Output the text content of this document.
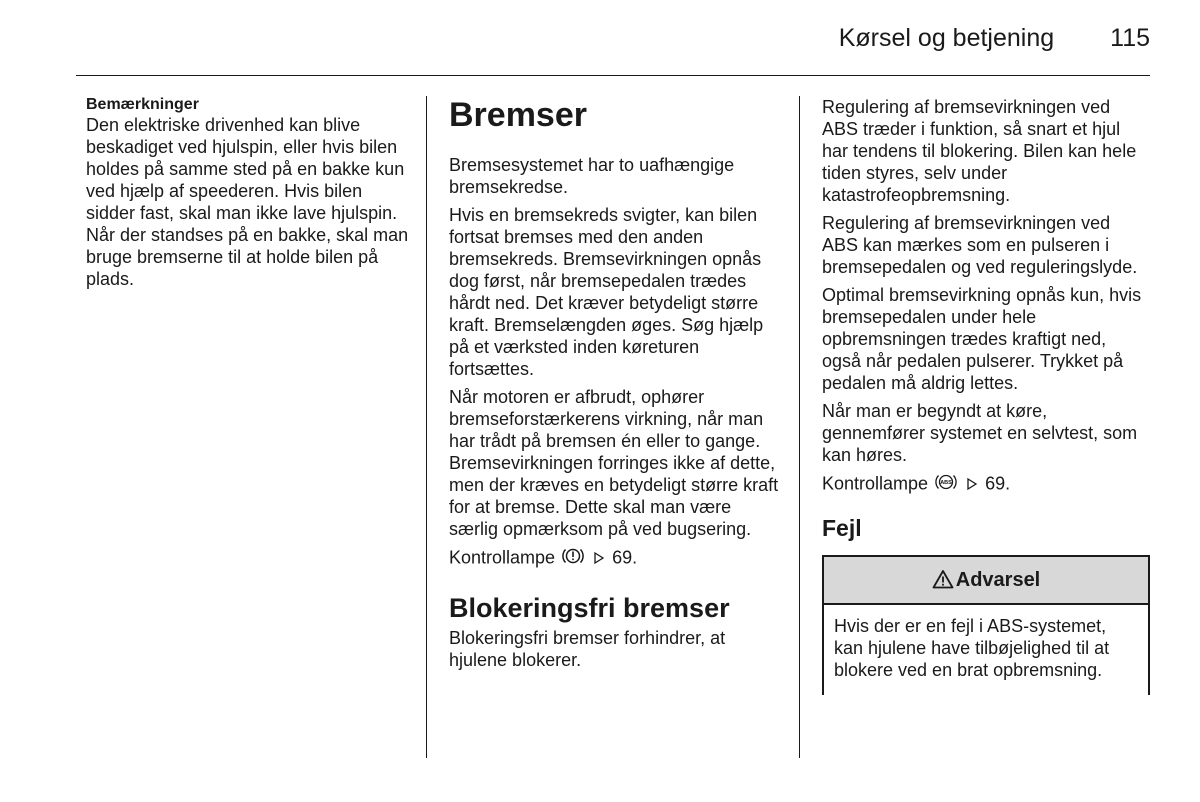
Kørsel og betjening 115
Bemærkninger

Den elektriske drivenhed kan blive beskadiget ved hjulspin, eller hvis bilen holdes på samme sted på en bakke kun ved hjælp af speederen. Hvis bilen sidder fast, skal man ikke lave hjulspin. Når der standses på en bakke, skal man bruge bremserne til at holde bilen på plads.

Bremser

Bremsesystemet har to uafhængige bremsekredse.

Hvis en bremsekreds svigter, kan bilen fortsat bremses med den anden bremsekreds. Bremsevirkningen opnås dog først, når bremsepedalen trædes hårdt ned. Det kræver betydeligt større kraft. Bremselængden øges. Søg hjælp på et værksted inden køreturen fortsættes.

Når motoren er afbrudt, ophører bremseforstærkerens virkning, når man har trådt på bremsen én eller to gange. Bremsevirkningen forringes ikke af dette, men der kræves en betydeligt større kraft for at bremse. Dette skal man være særlig opmærksom på ved bugsering.

Kontrollampe	69.

Blokeringsfri bremser

Blokeringsfri bremser forhindrer, at hjulene blokerer.

Regulering af bremsevirkningen ved ABS træder i funktion, så snart et hjul har tendens til blokering. Bilen kan hele tiden styres, selv under katastrofeopbremsning.

Regulering af bremsevirkningen ved ABS kan mærkes som en pulseren i bremsepedalen og ved reguleringslyde.

Optimal bremsevirkning opnås kun, hvis bremsepedalen under hele opbremsningen trædes kraftigt ned, også når pedalen pulserer. Trykket på pedalen må aldrig lettes.

Når man er begyndt at køre, gennemfører systemet en selvtest, som kan høres.

Kontrollampe ABS 69.

Fejl
Advarsel
Hvis der er en fejl i ABS-systemet, kan hjulene have tilbøjelighed til at blokere ved en brat opbremsning.
